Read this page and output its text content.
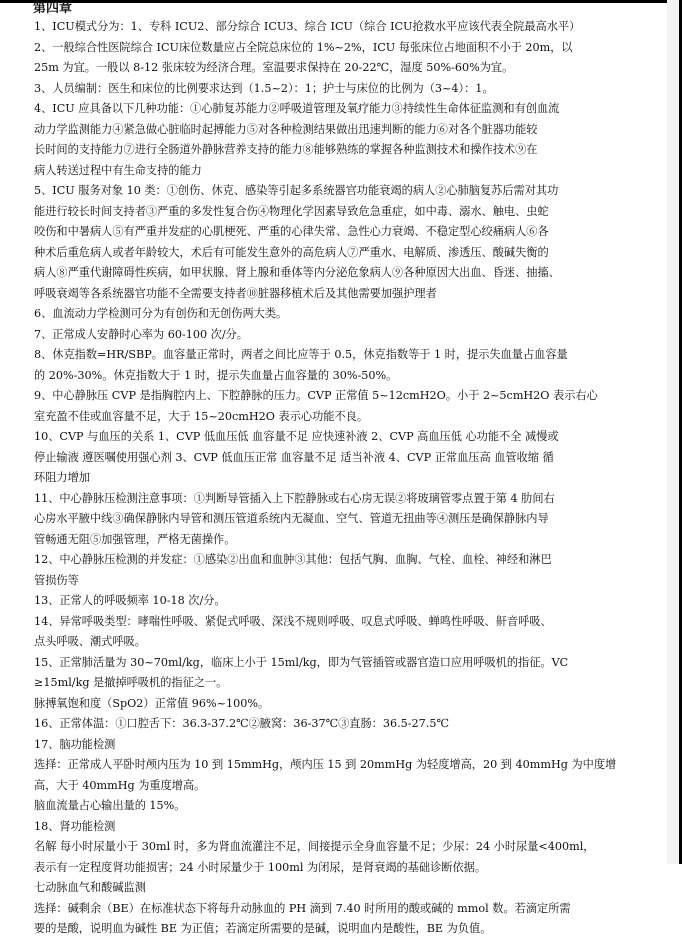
第四章
1、ICU模式分为：1、专科 ICU2、部分综合 ICU3、综合 ICU（综合 ICU抢救水平应该代表全院最高水平）
2、一般综合性医院综合 ICU床位数量应占全院总床位的 1%~2%，ICU 每张床位占地面积不小于 20m，以
25m 为宜。一般以 8-12 张床较为经济合理。室温要求保持在 20-22℃，湿度 50%-60%为宜。
3、人员编制：医生和床位的比例要求达到（1.5~2）：1；护士与床位的比例为（3~4）：1。
4、ICU 应具备以下几种功能：①心肺复苏能力②呼吸道管理及氧疗能力③持续性生命体征监测和有创血流
动力学监测能力④紧急做心脏临时起搏能力⑤对各种检测结果做出迅速判断的能力⑥对各个脏器功能较
长时间的支持能力⑦进行全肠道外静脉营养支持的能力⑧能够熟练的掌握各种监测技术和操作技术⑨在
病人转送过程中有生命支持的能力
5、ICU 服务对象 10 类：①创伤、休克、感染等引起多系统器官功能衰竭的病人②心肺脑复苏后需对其功
能进行较长时间支持者③严重的多发性复合伤④物理化学因素导致危急重症，如中毒、溺水、触电、虫蛇
咬伤和中暑病人⑤有严重并发症的心肌梗死、严重的心律失常、急性心力衰竭、不稳定型心绞痛病人⑥各
种术后重危病人或者年龄较大，术后有可能发生意外的高危病人⑦严重水、电解质、渗透压、酸碱失衡的
病人⑧严重代谢障碍性疾病，如甲状腺、肾上腺和垂体等内分泌危象病人⑨各种原因大出血、昏迷、抽搐、
呼吸衰竭等各系统器官功能不全需要支持者⑩脏器移植术后及其他需要加强护理者
6、血流动力学检测可分为有创伤和无创伤两大类。
7、正常成人安静时心率为 60-100 次/分。
8、休克指数=HR/SBP。血容量正常时，两者之间比应等于 0.5，休克指数等于 1 时，提示失血量占血容量
的 20%-30%。休克指数大于 1 时，提示失血量占血容量的 30%-50%。
9、中心静脉压 CVP 是指胸腔内上、下腔静脉的压力。CVP 正常值 5~12cmH2O。小于 2~5cmH2O 表示右心
室充盈不佳或血容量不足，大于 15~20cmH2O 表示心功能不良。
10、CVP 与血压的关系 1、CVP 低血压低 血容量不足 应快速补液 2、CVP 高血压低 心功能不全 减慢或
停止输液 遵医嘱使用强心剂 3、CVP 低血压正常 血容量不足 适当补液 4、CVP 正常血压高 血管收缩 循
环阻力增加
11、中心静脉压检测注意事项：①判断导管插入上下腔静脉或右心房无误②将玻璃管零点置于第 4 肋间右
心房水平腋中线③确保静脉内导管和测压管道系统内无凝血、空气、管道无扭曲等④测压是确保静脉内导
管畅通无阻⑤加强管理，严格无菌操作。
12、中心静脉压检测的并发症：①感染②出血和血肿③其他：包括气胸、血胸、气栓、血栓、神经和淋巴
管损伤等
13、正常人的呼吸频率 10-18 次/分。
14、异常呼吸类型：哮喘性呼吸、紧促式呼吸、深浅不规则呼吸、叹息式呼吸、蝉鸣性呼吸、鼾音呼吸、
点头呼吸、潮式呼吸。
15、正常肺活量为 30~70ml/kg，临床上小于 15ml/kg，即为气管插管或器官造口应用呼吸机的指征。VC
≥15ml/kg 是撤掉呼吸机的指征之一。
脉搏氧饱和度（SpO2）正常值 96%~100%。
16、正常体温：①口腔舌下：36.3-37.2℃②腋窝：36-37℃③直肠：36.5-27.5℃
17、脑功能检测
选择：正常成人平卧时颅内压为 10 到 15mmHg，颅内压 15 到 20mmHg 为轻度增高，20 到 40mmHg 为中度增
高，大于 40mmHg 为重度增高。
脑血流量占心输出量的 15%。
18、肾功能检测
名解 每小时尿量小于 30ml 时，多为肾血流灌注不足，间接提示全身血容量不足；少尿：24 小时尿量<400ml，
表示有一定程度肾功能损害；24 小时尿量少于 100ml 为闭尿，是肾衰竭的基础诊断依据。
七动脉血气和酸碱监测
选择：碱剩余（BE）在标准状态下将每升动脉血的 PH 滴到 7.40 时所用的酸或碱的 mmol 数。若滴定所需
要的是酸，说明血为碱性 BE 为正值；若滴定所需要的是碱，说明血内是酸性，BE 为负值。
